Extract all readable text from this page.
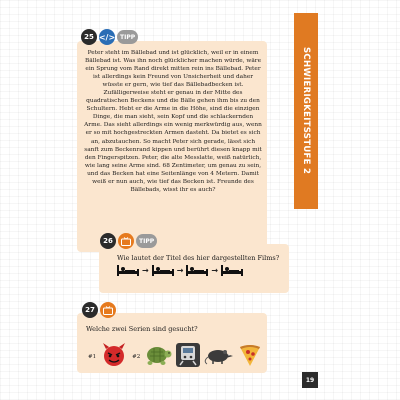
25 </> TIPP
Peter steht im Bällebad und ist glücklich, weil er in einem Bällebad ist. Was ihn noch glücklicher machen würde, wäre ein Sprung vom Rand direkt mitten rein ins Bällebad. Peter ist allerdings kein Freund von Unsicherheit und daher wüsste er gern, wie tief das Bällebadbecken ist. Zufälligerweise steht er genau in der Mitte des quadratischen Beckens und die Bälle gehen ihm bis zu den Schultern. Hebt er die Arme in die Höhe, sind die einzigen Dinge, die man sieht, sein Kopf und die schlackernden Arme. Das sieht allerdings ein wenig merkwürdig aus, wenn er so mit hochgestreckten Armen dasteht. Da bietet es sich an, abzutauchen. So macht Peter sich gerade, lässt sich sanft zum Beckenrand kippen und berührt diesen knapp mit den Fingerspitzen. Peter, die alte Messlatte, weiß natürlich, wie lang seine Arme sind. 68 Zentimeter, um genau zu sein, und das Becken hat eine Seitenlänge von 4 Metern. Damit weiß er nun auch, wie tief das Becken ist. Freunde des Bällebads, wisst ihr es auch?
26	TIPP
Wie lautet der Titel des hier dargestellten Films?
→	→	→
27
Welche zwei Serien sind gesucht?
#1	#2
SCHWIERIGKEITSSTUFE 2
19
